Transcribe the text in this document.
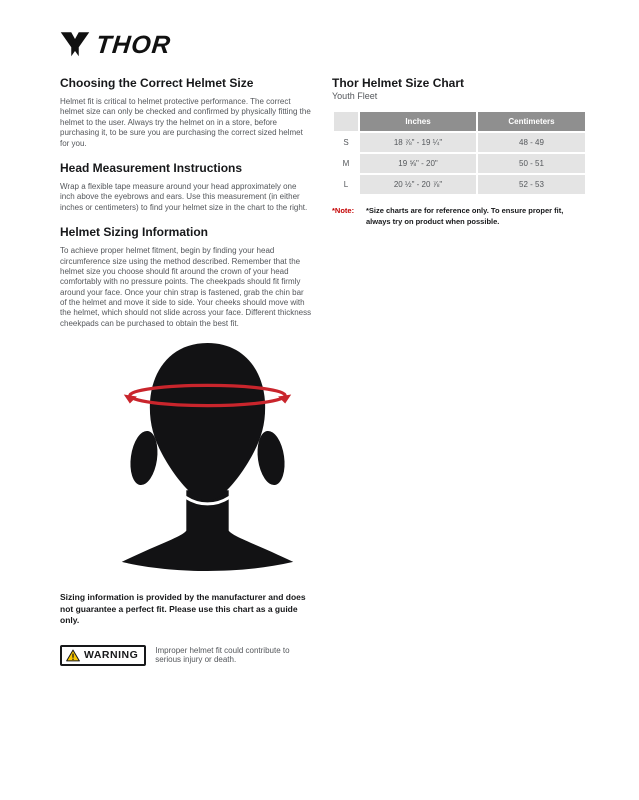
THOR
Choosing the Correct Helmet Size

Helmet fit is critical to helmet protective performance. The correct helmet size can only be checked and confirmed by physically fitting the helmet to the user. Always try the helmet on in a store, before purchasing it, to be sure you are purchasing the correct sized helmet for you.

Head Measurement Instructions

Wrap a flexible tape measure around your head approximately one inch above the eyebrows and ears. Use this measurement (in either inches or centimeters) to find your helmet size in the chart to the right.

Helmet Sizing Information

To achieve proper helmet fitment, begin by finding your head circumference size using the method described. Remember that the helmet size you choose should fit around the crown of your head comfortably with no pressure points. The cheekpads should fit firmly around your face. Once your chin strap is fastened, grab the chin bar of the helmet and move it side to side. Your cheeks should move with the helmet, which should not slide across your face. Different thickness cheekpads can be purchased to obtain the best fit.

Sizing information is provided by the manufacturer and does not guarantee a perfect fit. Please use this chart as a guide only.

WARNING Improper helmet fit could contribute to serious injury or death.
Thor Helmet Size Chart
Youth Fleet
	Inches	Centimeters
S	18 ⅞" - 19 ¼"	48 - 49
M	19 ⅝" - 20"	50 - 51
L	20 ½" - 20 ⅞"	52 - 53
*Note:	*Size charts are for reference only. To ensure proper fit, always try on product when possible.
